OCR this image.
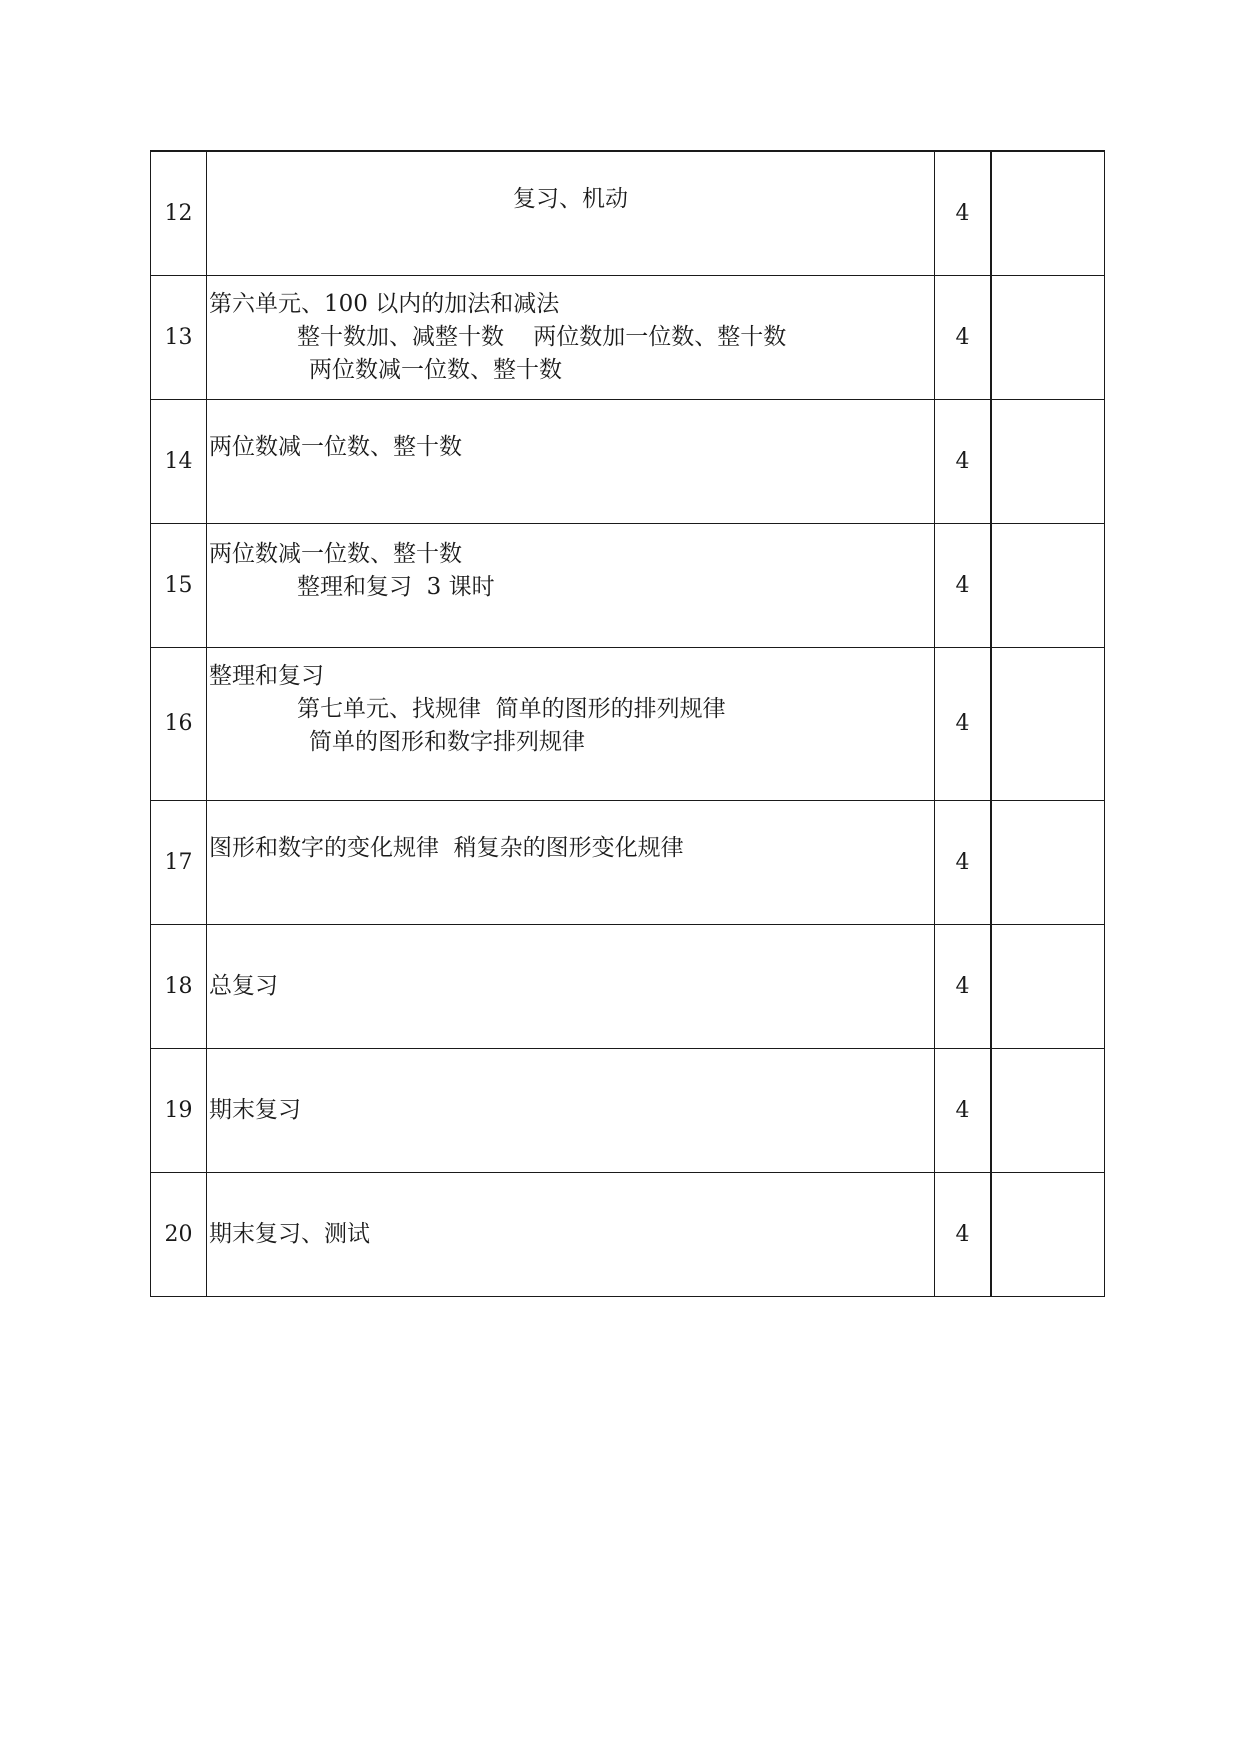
12	复习、机动	4	
13	第六单元、100 以内的加法和减法
整十数加、减整十数    两位数加一位数、整十数
两位数减一位数、整十数	4	
14	两位数减一位数、整十数	4	
15	两位数减一位数、整十数
整理和复习  3 课时	4	
16	整理和复习
第七单元、找规律  简单的图形的排列规律
简单的图形和数字排列规律	4	
17	图形和数字的变化规律  稍复杂的图形变化规律	4	
18	总复习	4	
19	期末复习	4	
20	期末复习、测试	4	
